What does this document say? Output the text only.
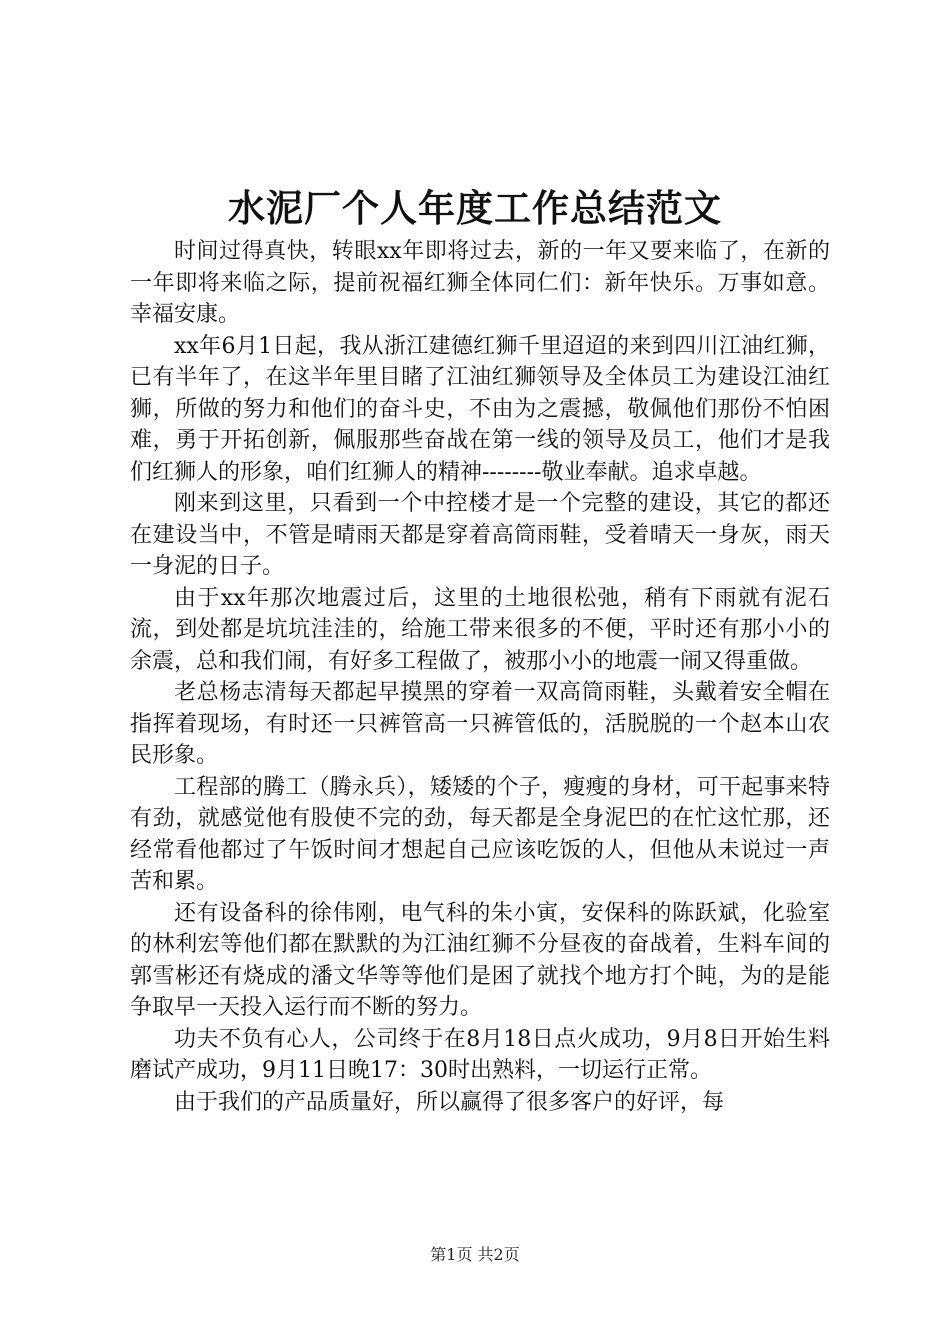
水泥厂个人年度工作总结范文

时间过得真快，转眼xx年即将过去，新的一年又要来临了，在新的一年即将来临之际，提前祝福红狮全体同仁们：新年快乐。万事如意。幸福安康。

xx年6月1日起，我从浙江建德红狮千里迢迢的来到四川江油红狮，已有半年了，在这半年里目睹了江油红狮领导及全体员工为建设江油红狮，所做的努力和他们的奋斗史，不由为之震撼，敬佩他们那份不怕困难，勇于开拓创新，佩服那些奋战在第一线的领导及员工，他们才是我们红狮人的形象，咱们红狮人的精神--------敬业奉献。追求卓越。

刚来到这里，只看到一个中控楼才是一个完整的建设，其它的都还在建设当中，不管是晴雨天都是穿着高筒雨鞋，受着晴天一身灰，雨天一身泥的日子。

由于xx年那次地震过后，这里的土地很松弛，稍有下雨就有泥石流，到处都是坑坑洼洼的，给施工带来很多的不便，平时还有那小小的余震，总和我们闹，有好多工程做了，被那小小的地震一闹又得重做。

老总杨志清每天都起早摸黑的穿着一双高筒雨鞋，头戴着安全帽在指挥着现场，有时还一只裤管高一只裤管低的，活脱脱的一个赵本山农民形象。

工程部的腾工（腾永兵），矮矮的个子，瘦瘦的身材，可干起事来特有劲，就感觉他有股使不完的劲，每天都是全身泥巴的在忙这忙那，还经常看他都过了午饭时间才想起自己应该吃饭的人，但他从未说过一声苦和累。

还有设备科的徐伟刚，电气科的朱小寅，安保科的陈跃斌，化验室的林利宏等他们都在默默的为江油红狮不分昼夜的奋战着，生料车间的郭雪彬还有烧成的潘文华等等他们是困了就找个地方打个盹，为的是能争取早一天投入运行而不断的努力。

功夫不负有心人，公司终于在8月18日点火成功，9月8日开始生料磨试产成功，9月11日晚17：30时出熟料，一切运行正常。

由于我们的产品质量好，所以赢得了很多客户的好评，每

第1页 共2页
